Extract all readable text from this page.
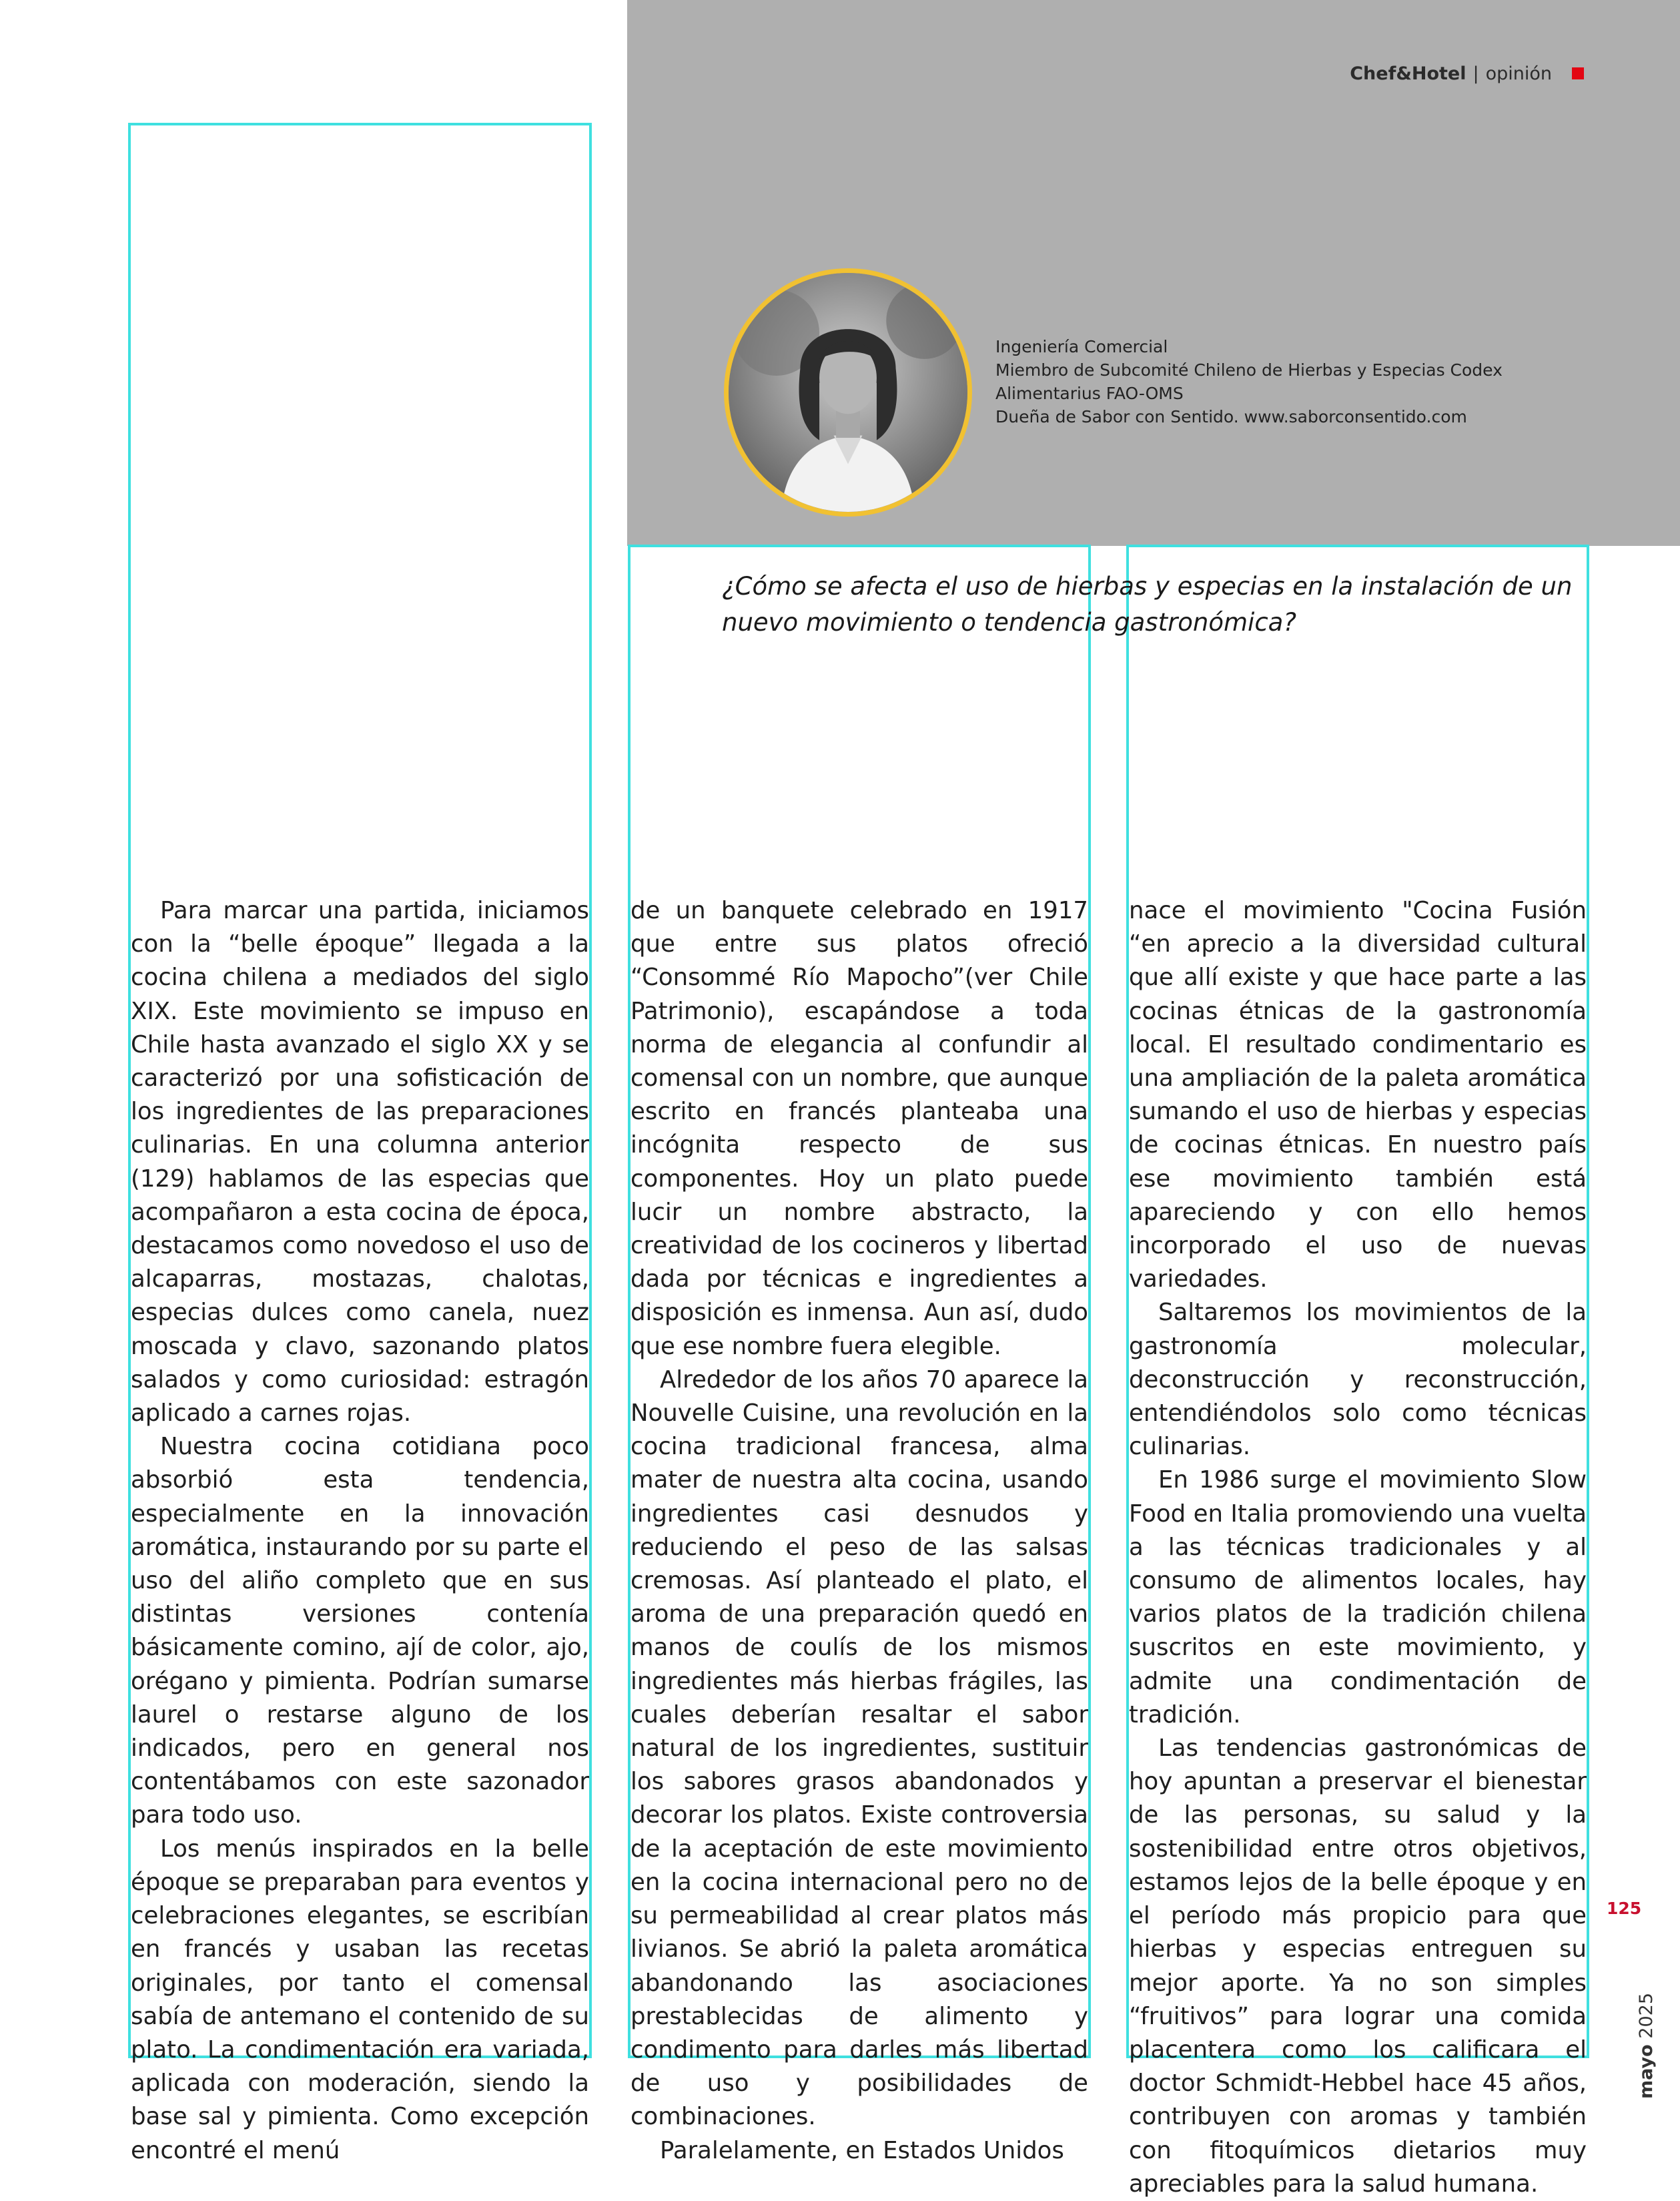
Chef&Hotel | opinión
Ingeniería Comercial
Miembro de Subcomité Chileno de Hierbas y Especias Codex
Alimentarius FAO-OMS
Dueña de Sabor con Sentido. www.saborconsentido.com
¿Cómo se afecta el uso de hierbas y especias en la instalación de un nuevo movimiento o tendencia gastronómica?

Para marcar una partida, iniciamos con la “belle époque” llegada a la cocina chilena a mediados del siglo XIX. Este movimiento se impuso en Chile hasta avanzado el siglo XX y se caracterizó por una sofisticación de los ingredientes de las preparaciones culinarias. En una columna anterior (129) hablamos de las especias que acompañaron a esta cocina de época, destacamos como novedoso el uso de alcaparras, mostazas, chalotas, especias dulces como canela, nuez moscada y clavo, sazonando platos salados y como curiosidad: estragón aplicado a carnes rojas.

Nuestra cocina cotidiana poco absorbió esta tendencia, especialmente en la innovación aromática, instaurando por su parte el uso del aliño completo que en sus distintas versiones contenía básicamente comino, ají de color, ajo, orégano y pimienta. Podrían sumarse laurel o restarse alguno de los indicados, pero en general nos contentábamos con este sazonador para todo uso.

Los menús inspirados en la belle époque se preparaban para eventos y celebraciones elegantes, se escribían en francés y usaban las recetas originales, por tanto el comensal sabía de antemano el contenido de su plato. La condimentación era variada, aplicada con moderación, siendo la base sal y pimienta. Como excepción encontré el menú

de un banquete celebrado en 1917 que entre sus platos ofreció “Consommé Río Mapocho”(ver Chile Patrimonio), escapándose a toda norma de elegancia al confundir al comensal con un nombre, que aunque escrito en francés planteaba una incógnita respecto de sus componentes. Hoy un plato puede lucir un nombre abstracto, la creatividad de los cocineros y libertad dada por técnicas e ingredientes a disposición es inmensa. Aun así, dudo que ese nombre fuera elegible.

Alrededor de los años 70 aparece la Nouvelle Cuisine, una revolución en la cocina tradicional francesa, alma mater de nuestra alta cocina, usando ingredientes casi desnudos y reduciendo el peso de las salsas cremosas. Así planteado el plato, el aroma de una preparación quedó en manos de coulís de los mismos ingredientes más hierbas frágiles, las cuales deberían resaltar el sabor natural de los ingredientes, sustituir los sabores grasos abandonados y decorar los platos. Existe controversia de la aceptación de este movimiento en la cocina internacional pero no de su permeabilidad al crear platos más livianos. Se abrió la paleta aromática abandonando las asociaciones prestablecidas de alimento y condimento para darles más libertad de uso y posibilidades de combinaciones.

Paralelamente, en Estados Unidos

nace el movimiento "Cocina Fusión “en aprecio a la diversidad cultural que allí existe y que hace parte a las cocinas étnicas de la gastronomía local. El resultado condimentario es una ampliación de la paleta aromática sumando el uso de hierbas y especias de cocinas étnicas. En nuestro país ese movimiento también está apareciendo y con ello hemos incorporado el uso de nuevas variedades.

Saltaremos los movimientos de la gastronomía molecular, deconstrucción y reconstrucción, entendiéndolos solo como técnicas culinarias.

En 1986 surge el movimiento Slow Food en Italia promoviendo una vuelta a las técnicas tradicionales y al consumo de alimentos locales, hay varios platos de la tradición chilena suscritos en este movimiento, y admite una condimentación de tradición.

Las tendencias gastronómicas de hoy apuntan a preservar el bienestar de las personas, su salud y la sostenibilidad entre otros objetivos, estamos lejos de la belle époque y en el período más propicio para que hierbas y especias entreguen su mejor aporte. Ya no son simples “fruitivos” para lograr una comida placentera como los calificara el doctor Schmidt-Hebbel hace 45 años, contribuyen con aromas y también con fitoquímicos dietarios muy apreciables para la salud humana.

125
mayo 2025
